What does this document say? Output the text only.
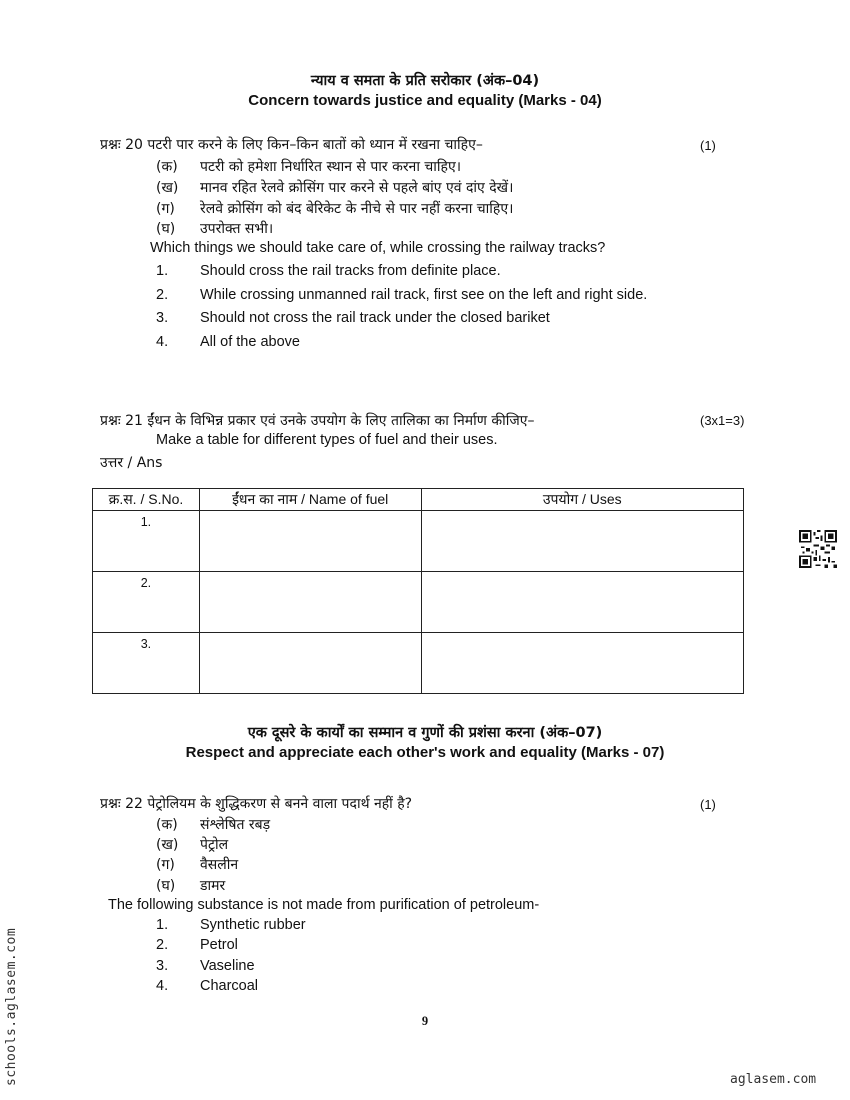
न्याय व समता के प्रति सरोकार (अंक–04)
Concern towards justice and equality (Marks - 04)
प्रश्नः 20 पटरी पार करने के लिए किन–किन बातों को ध्यान में रखना चाहिए–	(1)
(क) पटरी को हमेशा निर्धारित स्थान से पार करना चाहिए।
(ख) मानव रहित रेलवे क्रोसिंग पार करने से पहले बांए एवं दांए देखें।
(ग) रेलवे क्रोसिंग को बंद बेरिकेट के नीचे से पार नहीं करना चाहिए।
(घ) उपरोक्त सभी।
Which things we should take care of, while crossing the railway tracks?
1. Should cross the rail tracks from definite place.
2. While crossing unmanned rail track, first see on the left and right side.
3. Should not cross the rail track under the closed bariket
4. All of the above
प्रश्नः 21 ईंधन के विभिन्न प्रकार एवं उनके उपयोग के लिए तालिका का निर्माण कीजिए–	(3x1=3)
Make a table for different types of fuel and their uses.
उत्तर / Ans
क्र.स. / S.No.	ईंधन का नाम / Name of fuel	उपयोग / Uses
1.		
2.		
3.		
एक दूसरे के कार्यों का सम्मान व गुणों की प्रशंसा करना (अंक–07)
Respect and appreciate each other's work and equality (Marks - 07)
प्रश्नः 22 पेट्रोलियम के शुद्धिकरण से बनने वाला पदार्थ नहीं है?	(1)
(क) संश्लेषित रबड़
(ख) पेट्रोल
(ग) वैसलीन
(घ) डामर
The following substance is not made from purification of petroleum-
1. Synthetic rubber
2. Petrol
3. Vaseline
4. Charcoal
9
schools.aglasem.com	aglasem.com
